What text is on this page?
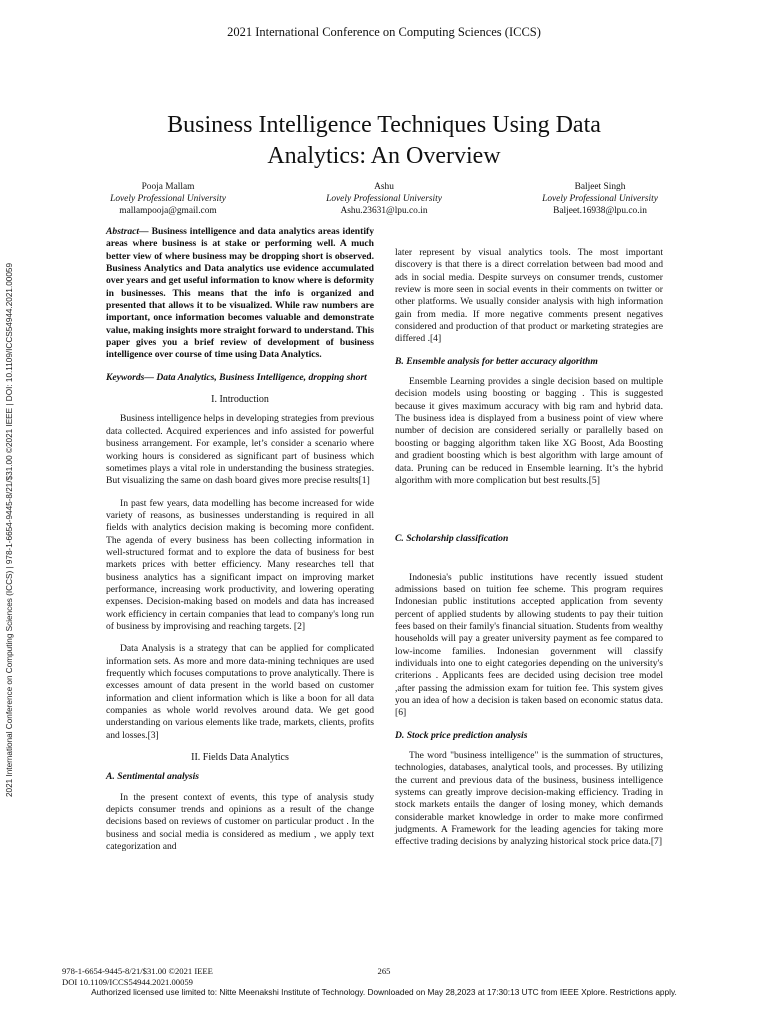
2021 International Conference on Computing Sciences (ICCS)
Business Intelligence Techniques Using Data
Analytics: An Overview
Pooja Mallam
Lovely Professional University
mallampooja@gmail.com
Ashu
Lovely Professional University
Ashu.23631@lpu.co.in
Baljeet Singh
Lovely Professional University
Baljeet.16938@lpu.co.in
2021 International Conference on Computing Sciences (ICCS) | 978-1-6654-9445-8/21/$31.00 ©2021 IEEE | DOI: 10.1109/ICCS54944.2021.00059

Abstract— Business intelligence and data analytics areas identify areas where business is at stake or performing well. A much better view of where business may be dropping short is observed. Business Analytics and Data analytics use evidence accumulated over years and get useful information to know where is deformity in businesses. This means that the info is organized and presented that allows it to be visualized. While raw numbers are important, once information becomes valuable and demonstrate value, making insights more straight forward to understand. This paper gives you a brief review of development of business intelligence over course of time using Data Analytics.

Keywords— Data Analytics, Business Intelligence, dropping short

I. Introduction

Business intelligence helps in developing strategies from previous data collected. Acquired experiences and info assisted for powerful business arrangement. For example, let’s consider a scenario where working hours is considered as significant part of business which sometimes plays a vital role in understanding the business strategies. But visualizing the same on dash board gives more precise results[1]

In past few years, data modelling has become increased for wide variety of reasons, as businesses understanding is required in all fields with analytics decision making is becoming more confident. The agenda of every business has been collecting information in well-structured format and to explore the data of business for best markets prices with better efficiency. Many researches tell that business analytics has a significant impact on improving market performance, increasing work productivity, and lowering operating expenses. Decision-making based on models and data has increased work efficiency in certain companies that lead to company's long run of business by improvising and reaching targets. [2]

Data Analysis is a strategy that can be applied for complicated information sets. As more and more data-mining techniques are used frequently which focuses computations to prove analytically. There is excesses amount of data present in the world based on customer information and client information which is like a boon for all data companies as whole world revolves around data. We get good understanding on various elements like trade, markets, clients, profits and losses.[3]

II. Fields Data Analytics
A. Sentimental analysis

In the present context of events, this type of analysis study depicts consumer trends and opinions as a result of the change decisions based on reviews of customer on particular product . In the business and social media is considered as medium , we apply text categorization and

later represent by visual analytics tools. The most important discovery is that there is a direct correlation between bad mood and ads in social media. Despite surveys on consumer trends, customer review is more seen in social events in their comments on twitter or other platforms. We usually consider analysis with high information gain from media. If more negative comments present negatives considered and production of that product or marketing strategies are differed .[4]

B. Ensemble analysis for better accuracy algorithm

Ensemble Learning provides a single decision based on multiple decision models using boosting or bagging . This is suggested because it gives maximum accuracy with big ram and hybrid data. The business idea is displayed from a business point of view where number of decision are considered serially or parallelly based on boosting or bagging algorithm taken like XG Boost, Ada Boosting and gradient boosting which is best algorithm with large amount of data. Pruning can be reduced in Ensemble learning. It’s the hybrid algorithm with more complication but best results.[5]

C. Scholarship classification

Indonesia's public institutions have recently issued student admissions based on tuition fee scheme. This program requires Indonesian public institutions accepted application from seventy percent of applied students by allowing students to pay their tuition fees based on their family's financial situation. Students from wealthy households will pay a greater university payment as fee compared to low-income families. Indonesian government will classify individuals into one to eight categories depending on the university's criterions . Applicants fees are decided using decision tree model ,after passing the admission exam for tuition fee. This system gives you an idea of how a decision is taken based on economic status data.[6]

D. Stock price prediction analysis

The word "business intelligence" is the summation of structures, technologies, databases, analytical tools, and processes. By utilizing the current and previous data of the business, business intelligence systems can greatly improve decision-making efficiency. Trading in stock markets entails the danger of losing money, which demands considerable market knowledge in order to make more confirmed judgments. A Framework for the leading agencies for taking more effective trading decisions by analyzing historical stock price data.[7]

978-1-6654-9445-8/21/$31.00 ©2021 IEEE
DOI 10.1109/ICCS54944.2021.00059
265
Authorized licensed use limited to: Nitte Meenakshi Institute of Technology. Downloaded on May 28,2023 at 17:30:13 UTC from IEEE Xplore. Restrictions apply.
